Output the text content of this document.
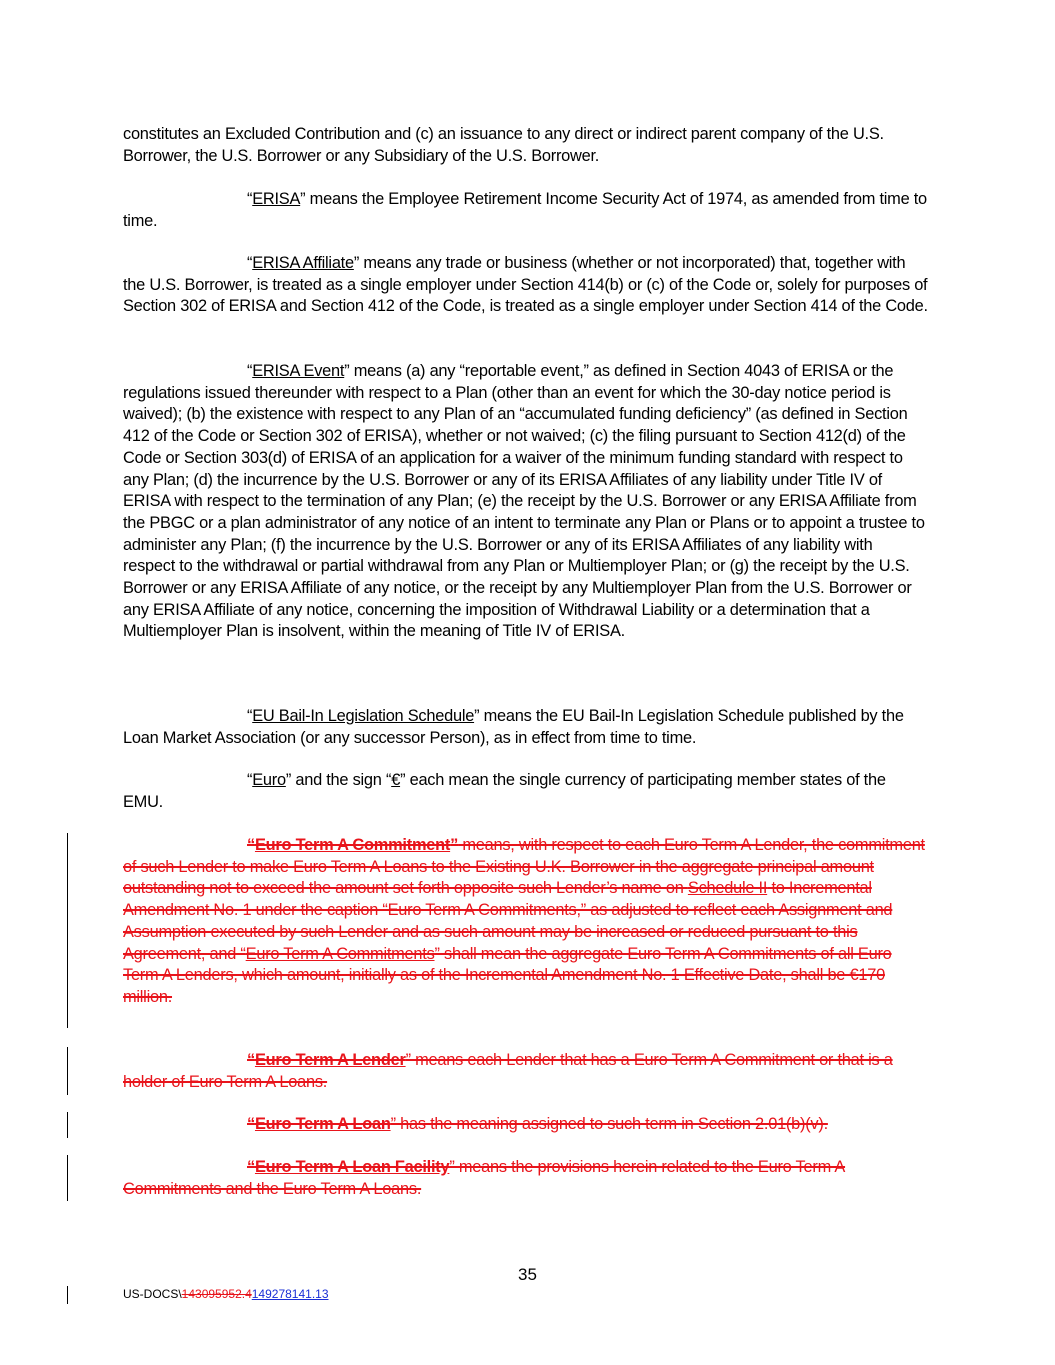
constitutes an Excluded Contribution and (c) an issuance to any direct or indirect parent company of the U.S. Borrower, the U.S. Borrower or any Subsidiary of the U.S. Borrower.

“ERISA” means the Employee Retirement Income Security Act of 1974, as amended from time to time.

“ERISA Affiliate” means any trade or business (whether or not incorporated) that, together with the U.S. Borrower, is treated as a single employer under Section 414(b) or (c) of the Code or, solely for purposes of Section 302 of ERISA and Section 412 of the Code, is treated as a single employer under Section 414 of the Code.

“ERISA Event” means (a) any “reportable event,” as defined in Section 4043 of ERISA or the regulations issued thereunder with respect to a Plan (other than an event for which the 30-day notice period is waived); (b) the existence with respect to any Plan of an “accumulated funding deficiency” (as defined in Section 412 of the Code or Section 302 of ERISA), whether or not waived; (c) the filing pursuant to Section 412(d) of the Code or Section 303(d) of ERISA of an application for a waiver of the minimum funding standard with respect to any Plan; (d) the incurrence by the U.S. Borrower or any of its ERISA Affiliates of any liability under Title IV of ERISA with respect to the termination of any Plan; (e) the receipt by the U.S. Borrower or any ERISA Affiliate from the PBGC or a plan administrator of any notice of an intent to terminate any Plan or Plans or to appoint a trustee to administer any Plan; (f) the incurrence by the U.S. Borrower or any of its ERISA Affiliates of any liability with respect to the withdrawal or partial withdrawal from any Plan or Multiemployer Plan; or (g) the receipt by the U.S. Borrower or any ERISA Affiliate of any notice, or the receipt by any Multiemployer Plan from the U.S. Borrower or any ERISA Affiliate of any notice, concerning the imposition of Withdrawal Liability or a determination that a Multiemployer Plan is insolvent, within the meaning of Title IV of ERISA.

“EU Bail-In Legislation Schedule” means the EU Bail-In Legislation Schedule published by the Loan Market Association (or any successor Person), as in effect from time to time.

“Euro” and the sign “€” each mean the single currency of participating member states of the EMU.

“Euro Term A Commitment” means, with respect to each Euro Term A Lender, the commitment of such Lender to make Euro Term A Loans to the Existing U.K. Borrower in the aggregate principal amount outstanding not to exceed the amount set forth opposite such Lender’s name on Schedule II to Incremental Amendment No. 1 under the caption “Euro Term A Commitments,” as adjusted to reflect each Assignment and Assumption executed by such Lender and as such amount may be increased or reduced pursuant to this Agreement, and “Euro Term A Commitments” shall mean the aggregate Euro Term A Commitments of all Euro Term A Lenders, which amount, initially as of the Incremental Amendment No. 1 Effective Date, shall be €170 million.

“Euro Term A Lender” means each Lender that has a Euro Term A Commitment or that is a holder of Euro Term A Loans.

“Euro Term A Loan” has the meaning assigned to such term in Section 2.01(b)(v).

“Euro Term A Loan Facility” means the provisions herein related to the Euro Term A Commitments and the Euro Term A Loans.

35
US-DOCS\143095952.4149278141.13
